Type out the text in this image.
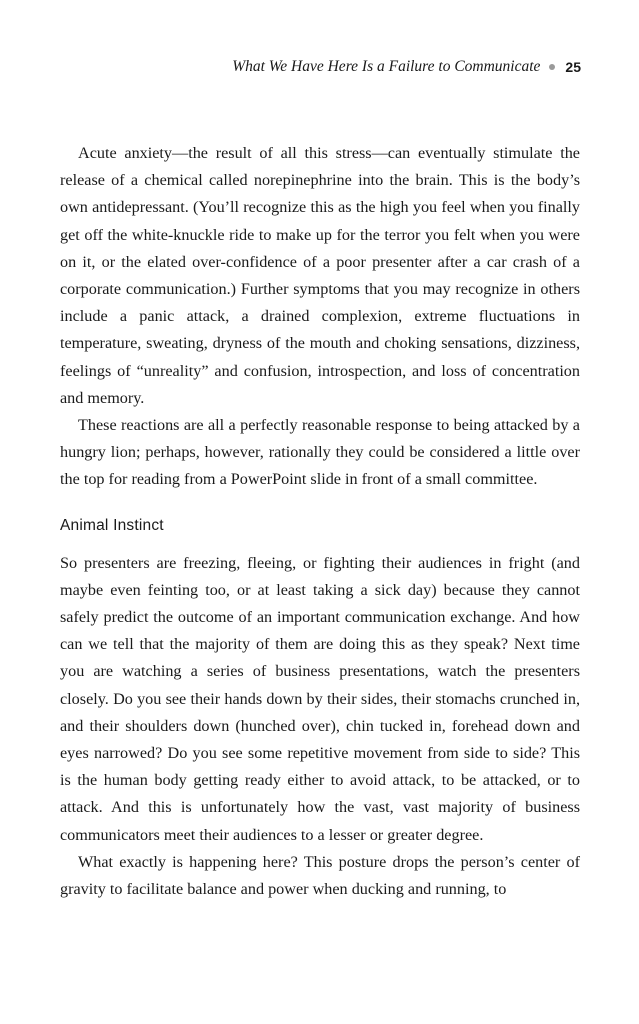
What We Have Here Is a Failure to Communicate 25

Acute anxiety—the result of all this stress—can eventually stimulate the release of a chemical called norepinephrine into the brain. This is the body’s own antidepressant. (You’ll recognize this as the high you feel when you finally get off the white-knuckle ride to make up for the terror you felt when you were on it, or the elated over-confidence of a poor presenter after a car crash of a corporate communication.) Further symptoms that you may recognize in others include a panic attack, a drained complexion, extreme fluctuations in temperature, sweating, dryness of the mouth and choking sensations, dizziness, feelings of “unreality” and confusion, introspection, and loss of concentration and memory.

These reactions are all a perfectly reasonable response to being attacked by a hungry lion; perhaps, however, rationally they could be considered a little over the top for reading from a PowerPoint slide in front of a small committee.

Animal Instinct

So presenters are freezing, fleeing, or fighting their audiences in fright (and maybe even feinting too, or at least taking a sick day) because they cannot safely predict the outcome of an important communication exchange. And how can we tell that the majority of them are doing this as they speak? Next time you are watching a series of business presentations, watch the presenters closely. Do you see their hands down by their sides, their stomachs crunched in, and their shoulders down (hunched over), chin tucked in, forehead down and eyes narrowed? Do you see some repetitive movement from side to side? This is the human body getting ready either to avoid attack, to be attacked, or to attack. And this is unfortunately how the vast, vast majority of business communicators meet their audiences to a lesser or greater degree.

What exactly is happening here? This posture drops the person’s center of gravity to facilitate balance and power when ducking and running, to
